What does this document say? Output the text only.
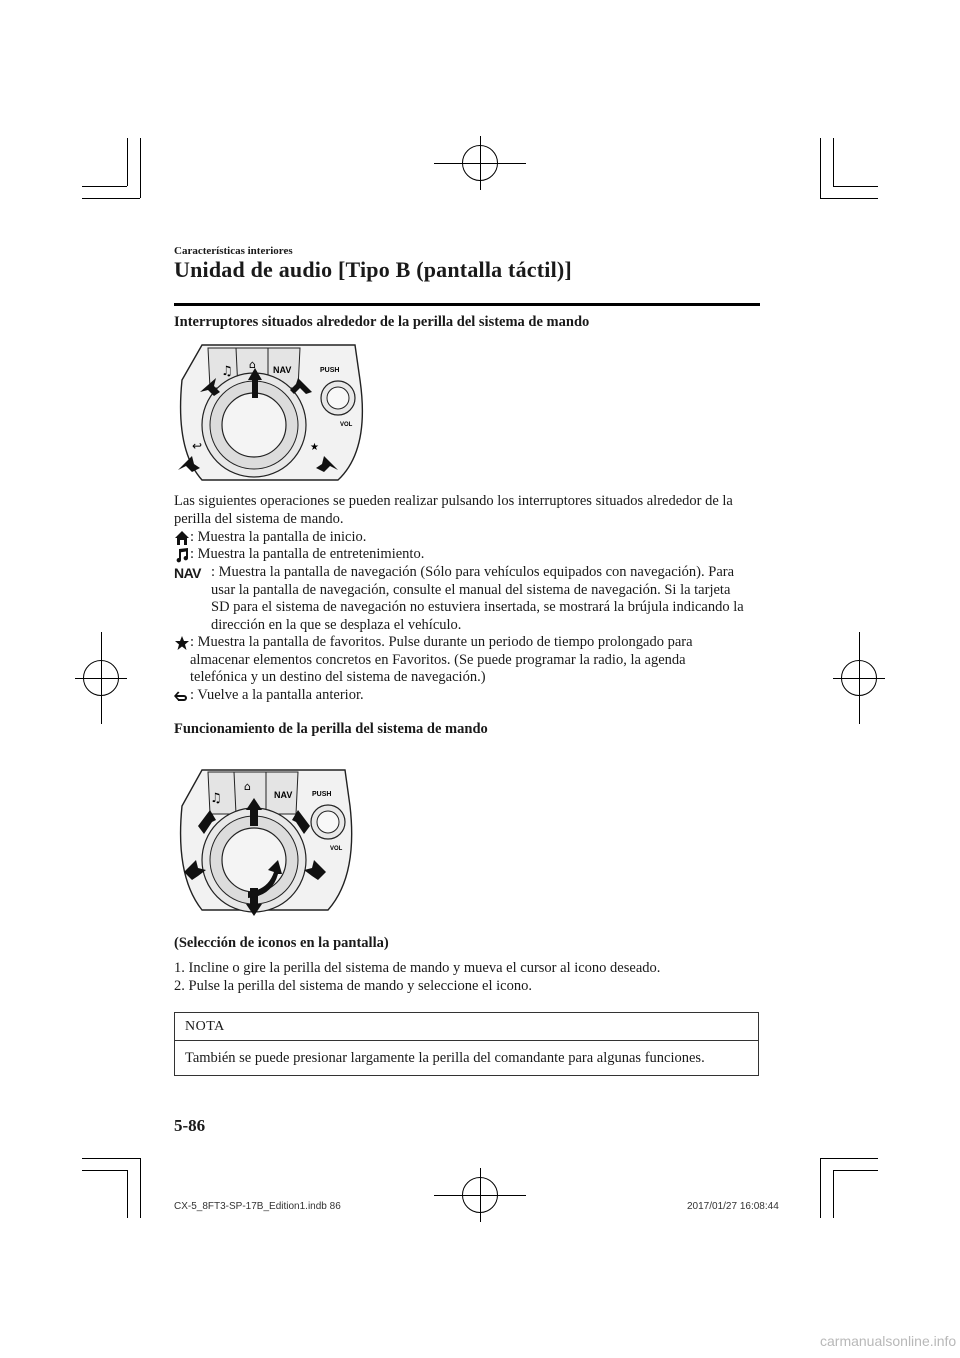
Características interiores
Unidad de audio [Tipo B (pantalla táctil)]
Interruptores situados alrededor de la perilla del sistema de mando
♫ ⌂ NAV	PUSH
VOL
↩	★
Las siguientes operaciones se pueden realizar pulsando los interruptores situados alrededor de la perilla del sistema de mando.
: Muestra la pantalla de inicio.
: Muestra la pantalla de entretenimiento.
NAV : Muestra la pantalla de navegación (Sólo para vehículos equipados con navegación). Para usar la pantalla de navegación, consulte el manual del sistema de navegación. Si la tarjeta SD para el sistema de navegación no estuviera insertada, se mostrará la brújula indicando la dirección en la que se desplaza el vehículo.
: Muestra la pantalla de favoritos. Pulse durante un periodo de tiempo prolongado para almacenar elementos concretos en Favoritos. (Se puede programar la radio, la agenda telefónica y un destino del sistema de navegación.)
: Vuelve a la pantalla anterior.
Funcionamiento de la perilla del sistema de mando
♫
⌂
NAV	PUSH
VOL
(Selección de iconos en la pantalla)
1. Incline o gire la perilla del sistema de mando y mueva el cursor al icono deseado.
2. Pulse la perilla del sistema de mando y seleccione el icono.
NOTA
También se puede presionar largamente la perilla del comandante para algunas funciones.
5-86
CX-5_8FT3-SP-17B_Edition1.indb 86	2017/01/27 16:08:44
carmanualsonline.info
